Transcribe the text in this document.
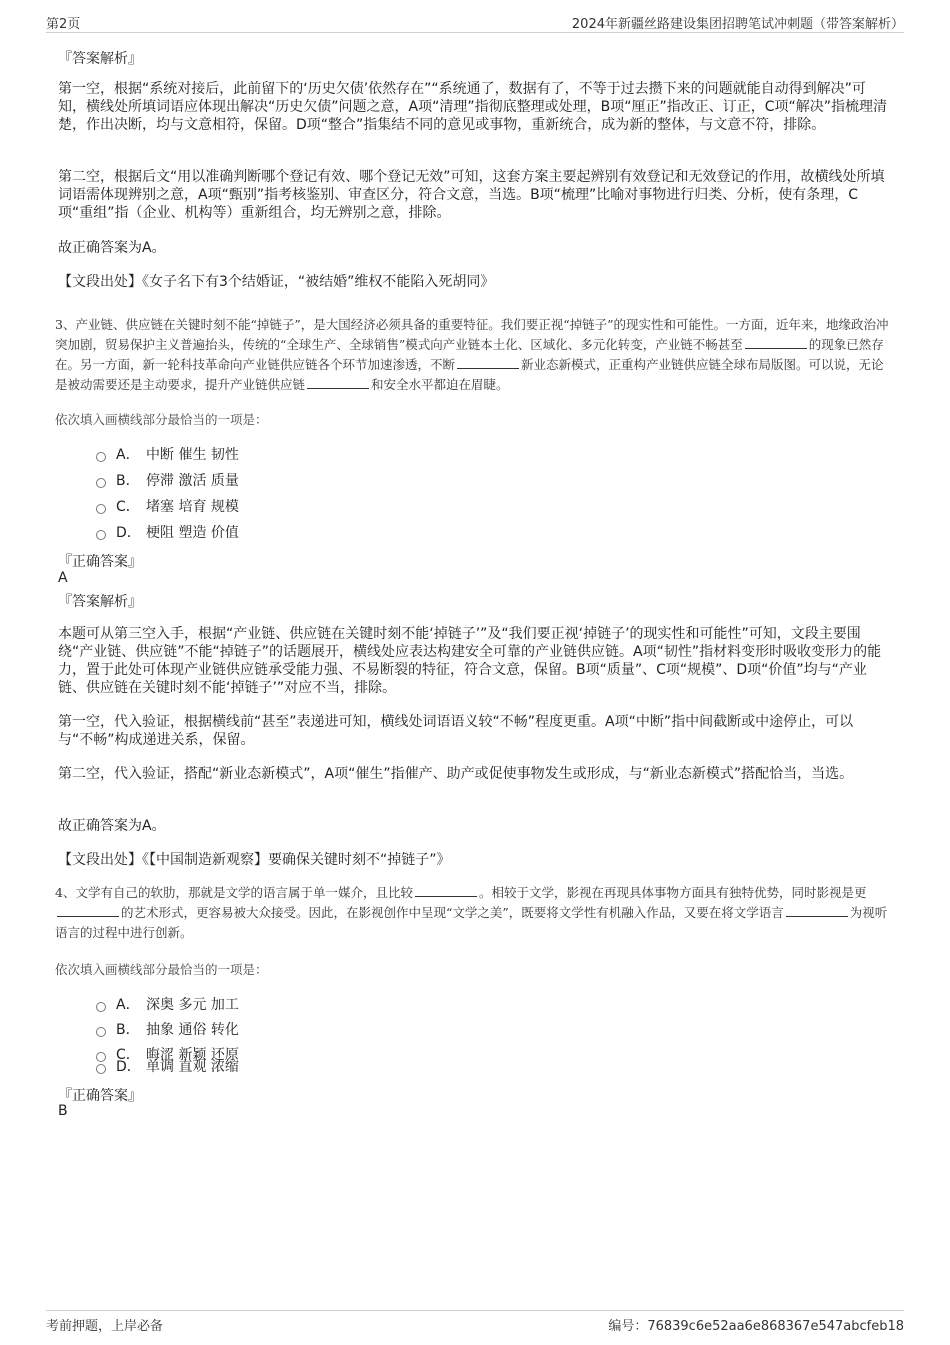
第2页	2024年新疆丝路建设集团招聘笔试冲刺题（带答案解析）
『答案解析』
第一空，根据“系统对接后，此前留下的‘历史欠债’依然存在”“系统通了，数据有了，不等于过去攒下来的问题就能自动得到解决”可知，横线处所填词语应体现出解决“历史欠债”问题之意，A项“清理”指彻底整理或处理，B项“厘正”指改正、订正，C项“解决”指梳理清楚，作出决断，均与文意相符，保留。D项“整合”指集结不同的意见或事物，重新统合，成为新的整体，与文意不符，排除。
第二空，根据后文“用以准确判断哪个登记有效、哪个登记无效”可知，这套方案主要起辨别有效登记和无效登记的作用，故横线处所填词语需体现辨别之意，A项“甄别”指考核鉴别、审查区分，符合文意，当选。B项“梳理”比喻对事物进行归类、分析，使有条理，C项“重组”指（企业、机构等）重新组合，均无辨别之意，排除。
故正确答案为A。
【文段出处】《女子名下有3个结婚证，“被结婚”维权不能陷入死胡同》
3、产业链、供应链在关键时刻不能“掉链子”，是大国经济必须具备的重要特征。我们要正视“掉链子”的现实性和可能性。一方面，近年来，地缘政治冲突加剧，贸易保护主义普遍抬头，传统的“全球生产、全球销售”模式向产业链本土化、区域化、多元化转变，产业链不畅甚至	的现象已然存在。另一方面，新一轮科技革命向产业链供应链各个环节加速渗透，不断	新业态新模式，正重构产业链供应链全球布局版图。可以说，无论是被动需要还是主动要求，提升产业链供应链	和安全水平都迫在眉睫。
依次填入画横线部分最恰当的一项是：
A． 中断 催生 韧性
B． 停滞 激活 质量
C． 堵塞 培育 规模
D． 梗阻 塑造 价值
『正确答案』
A
『答案解析』
本题可从第三空入手，根据“产业链、供应链在关键时刻不能‘掉链子’”及“我们要正视‘掉链子’的现实性和可能性”可知，文段主要围绕“产业链、供应链”不能“掉链子”的话题展开，横线处应表达构建安全可靠的产业链供应链。A项“韧性”指材料变形时吸收变形力的能力，置于此处可体现产业链供应链承受能力强、不易断裂的特征，符合文意，保留。B项“质量”、C项“规模”、D项“价值”均与“产业链、供应链在关键时刻不能‘掉链子’”对应不当，排除。
第一空，代入验证，根据横线前“甚至”表递进可知，横线处词语语义较“不畅”程度更重。A项“中断”指中间截断或中途停止，可以与“不畅”构成递进关系，保留。
第二空，代入验证，搭配“新业态新模式”，A项“催生”指催产、助产或促使事物发生或形成，与“新业态新模式”搭配恰当，当选。
故正确答案为A。
【文段出处】《【中国制造新观察】要确保关键时刻不“掉链子”》
4、文学有自己的软肋，那就是文学的语言属于单一媒介，且比较	。相较于文学，影视在再现具体事物方面具有独特优势，同时影视是更的艺术形式，更容易被大众接受。因此，在影视创作中呈现“文学之美”，既要将文学性有机融入作品，又要在将文学语言	为视听语言的过程中进行创新。
依次填入画横线部分最恰当的一项是：
A． 深奥 多元 加工
B． 抽象 通俗 转化
C． 晦涩 新颖 还原
D． 单调 直观 浓缩
『正确答案』
B
考前押题，上岸必备	编号：76839c6e52aa6e868367e547abcfeb18
